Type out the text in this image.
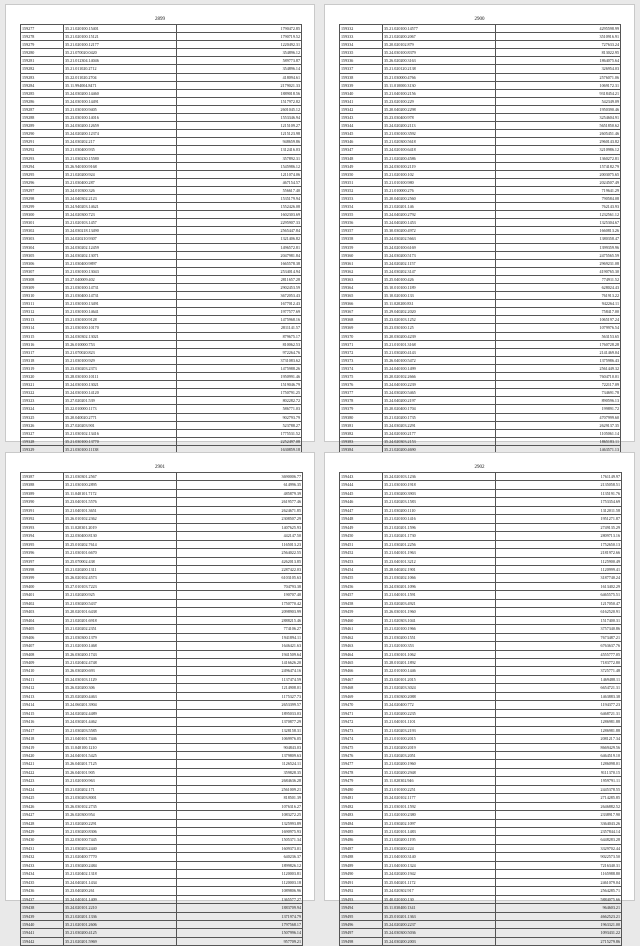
2899
159277	35.21.020100.15401	1790472.85
159278	35.21.020100.15121	1790719.52
159279	35.21.020100.12177	1220492.31
159280	35.21.070020.0420	354896.12
159281	35.21.012304.14046	589773.87
159282	35.21.011020.2712	354896.14
159283	35.22.011020.2704	418094.61
159284	35.11.994004.8471	2179021.33
159285	35.24.030200.14460	1889018.56
159286	35.24.030100.14491	1517972.82
159287	35.21.030100.9405	2601045.12
159288	35.23.030100.14016	1553346.94
159289	35.24.030200.12659	1215109.27
159290	35.24.020200.12374	1215123.98
159291	35.24.030202.217	948659.86
159292	35.21.030400.935	1312416.03
159293	35.21.030230.15580	357892.31
159294	35.26.940100.9168	1545986.12
159295	35.21.020200.924	1211074.06
159296	35.21.030400.287	467154.57
159297	35.24.010300.326	556617.40
159298	35.24.040302.2123	1535179.94
159299	35.24.940203.14621	1552426.08
159300	35.24.020300.723	1602303.69
159301	35.21.020103.1457	2295907.33
159302	35.24.030218.13490	2565447.84
159303	35.24.020210.9307	1321406.82
159304	35.24.030202.12459	1496572.81
159305	35.24.030202.13071	2047981.84
159306	35.21.030400.9897	1665578.38
159307	35.21.030100.13043	2534014.94
159308	35.27.040009.402	2811657.28
159309	35.21.030100.14731	2902453.59
159310	35.21.030400.14731	3672053.43
159311	35.21.030100.13491	1677012.43
159312	35.21.030100.14641	1977577.69
159313	35.21.030100.9128	1475968.16
159314	35.21.030100.10170	2811141.57
159315	35.24.030302.13021	879675.17
159316	35.26.010000.753	810062.53
159317	35.21.070020.823	972264.76
159318	35.21.030100.929	3731083.62
159319	35.23.030203.2373	1475988.26
159320	35.28.030100.10111	1950991.46
159321	35.24.030100.13021	1519046.79
159322	35.24.030100.14120	1750791.25
159323	35.27.020201.539	802282.72
159324	35.22.010000.1173	586771.03
159325	35.20.040020.2771	902793.79
159326	35.27.020203.901	523788.27
159327	35.21.030102.13416	1775531.52
159328	35.21.030100.13770	2252497.08
159329	35.21.030100.11138	1630859.18

2900
159332	35.21.020100.14577	4295598.99
159333	35.21.020200.2067	3510916.91
159334	35.20.020102.879	727633.24
159335	35.24.030100.8379	813022.95
159336	35.26.020200.3163	1864075.64
159337	35.21.020120.2138	326954.03
159338	35.21.030000.4766	2576071.06
159339	35.11.010000.3130	1069172.31
159340	35.21.040100.2156	9318454.21
159341	35.23.020100.229	542349.09
159342	35.20.040200.2298	1950390.46
159343	35.23.030400.978	3254604.91
159344	35.24.020200.2113	5651850.62
159345	35.21.030100.3592	2605451.46
159346	35.21.020300.5618	2960143.82
159347	35.24.020100.6418	3210986.12
159348	35.21.020200.4586	1360272.81
159349	35.24.030100.2119	1574182.79
159350	35.21.020100.102	2003075.65
159351	35.21.010100.980	2024507.49
159352	35.21.010000.276	719641.29
159353	35.20.040200.2560	790584.08
159354	35.21.020201.146	762143.93
159355	35.24.040200.2792	1232561.12
159356	35.24.040200.1453	1325304.67
159357	35.30.030200.4972	1660813.26
159358	35.24.030202.5663	1380358.47
159359	35.24.020100.6169	1399359.96
159360	35.24.030200.5173	2475565.59
159361	35.24.020202.1157	2969231.08
159362	35.24.030202.3147	4190765.30
159363	35.25.040100.426	774911.52
159364	35.10.010100.1189	628024.43
159365	35.10.020100.133	761913.22
159366	35.11.020200.831	942264.11
159367	35.29.040202.2020	758417.00
159368	35.23.020103.1252	1065197.24
159369	35.23.030100.125	1079976.54
159370	35.20.030200.4239	563153.65
159371	35.21.010101.3168	1760728.28
159372	35.21.030200.4143	2141469.04
159373	35.26.040100.5472	1375986.43
159374	35.24.040100.1499	2561449.32
159375	35.20.020102.2666	7604710.01
159376	35.24.040100.2239	722117.09
159377	35.24.030200.5465	734691.78
159378	35.24.040200.2197	890596.13
159379	35.20.020400.1704	199891.72
159380	35.21.020200.1735	4707999.60
159381	35.24.030203.2291	2629137.35
159382	35.24.020100.2177	1105061.14
159383	35.24.020303.2153	1865183.11
159384	35.21.020200.4690	1463571.13

2901
159387	35.21.030301.2567	3690006.77
159388	35.21.030100.2895	614996.35
159389	35.11.040101.7172	485879.39
159390	35.23.040101.5576	2619577.46
159391	35.21.040101.3651	2624671.85
159392	35.26.010102.2362	2308507.29
159393	35.11.020301.2019	1407625.93
159394	35.22.030400.8130	442147.50
159395	35.25.010202.7614	1165013.23
159396	35.21.030101.6670	2564022.55
159397	35.25.070002.438	4262013.85
159398	35.21.020200.1311	2287422.03
159399	35.26.020102.4573	6103105.63
159400	35.27.010103.7223	704793.38
159401	35.21.020200.925	190707.40
159402	35.21.030200.5437	1750770.42
159403	35.20.020101.6438	2098903.99
159404	35.21.020201.6918	2888215.46
159405	35.21.020202.2351	774106.27
159406	35.21.030300.1379	1941894.11
159407	35.21.020100.1468	1646421.63
159408	35.26.030200.1743	1941509.64
159409	35.21.020402.4748	1416626.20
159410	35.26.030200.693	2496474.16
159411	35.24.030103.1129	1137474.59
159412	35.26.020200.306	1214908.01
159413	35.25.020200.4463	1175327.73
159414	35.24.060201.3904	2653399.57
159415	35.24.020202.4489	1895033.03
159416	35.24.030201.4462	1370877.29
159417	35.21.030203.5585	1328158.31
159418	35.21.040101.7446	1069976.05
159419	35.11.040100.1210	904843.03
159420	35.24.040101.5425	1379809.63
159421	35.26.040201.7125	1126524.11
159422	35.26.040101.905	359828.35
159423	35.21.020100.963	2684636.28
159424	35.21.020202.171	2561009.21
159425	35.21.030203.8001	818501.39
159426	35.26.030102.2735	1076316.27
159427	35.26.020300.954	1083272.25
159428	35.21.020200.2291	1325993.89
159429	35.21.030200.8306	1690975.93
159430	35.22.030100.7445	1505371.34
159431	35.21.030203.2440	1609373.01
159432	35.21.020400.7770	640236.37
159433	35.21.030200.2484	1899826.12
159434	35.21.020402.1318	1120003.81
159435	35.24.040201.1434	1120003.18
159436	35.23.040200.261	1089806.96
159437	35.24.040101.1409	1365577.27
159438	35.24.020101.2210	1883709.94
159439	35.21.020201.1336	1371974.79
159440	35.21.020101.2606	1797568.17
159441	35.21.030200.4125	1507996.14
159442	35.21.020201.5969	957709.21
2902
159443	35.24.020103.1236	1761149.97
159444	35.21.030100.1918	2135058.51
159445	35.21.030200.3903	1135191.76
159446	35.21.020203.1583	1753354.69
159447	35.21.030200.1110	1312011.58
159448	35.21.020100.1416	1951271.87
159449	35.21.020201.1596	2749135.29
159450	35.21.020201.1730	2809713.16
159451	35.21.030201.2256	1752650.13
159452	35.21.040101.1963	2181972.66
159453	35.23.040101.3212	1125900.49
159454	35.28.040202.1901	1120999.41
159455	35.21.030202.1066	3187740.24
159456	35.24.030201.1096	1613402.29
159457	35.21.040101.1591	6465575.51
159458	35.23.020203.4921	1217050.47
159459	35.26.030101.1960	6162520.91
159460	35.21.020303.1041	1517400.31
159461	35.21.020100.1966	3757340.86
159462	35.21.030200.1551	7673487.21
159463	35.21.020100.353	6763637.76
159464	35.21.030101.1062	4555777.05
159465	35.28.010201.1892	7183772.80
159466	35.22.010100.1446	3725771.48
159467	35.23.020101.2015	1469488.11
159468	35.21.020203.3024	6654721.31
159469	35.21.030300.2088	1463883.38
159470	35.24.020400.772	1194377.23
159471	35.21.020200.2235	6468721.31
159472	35.21.040101.1101	1286981.88
159473	35.21.020203.2193	1286981.88
159474	35.21.010100.2015	2081217.34
159475	35.21.020200.2019	8669429.56
159476	35.21.020203.2051	6464519.10
159477	35.21.020200.1960	1286098.01
159478	35.21.020200.2948	9111370.15
159479	35.11.020302.946	1959791.11
159480	35.21.010100.2251	2445378.55
159481	35.24.020102.1177	2714285.85
159482	35.21.030101.1592	2646882.52
159483	35.21.020100.2380	2338917.90
159484	35.21.030202.1097	3364043.26
159485	35.21.020101.1483	2357844.14
159486	35.21.020200.1195	6448283.28
159487	35.21.030200.224	3329702.44
159488	35.21.040100.3140	9022573.50
159489	35.21.040100.1324	7216340.31
159490	35.24.020200.1942	1165988.80
159491	35.25.040201.1172	2461079.04
159492	35.24.020302.917	2564285.71
159493	35.40.020100.130	5884075.66
159494	35.11.030400.1341	964603.21
159495	35.25.010201.1363	4662523.21
159496	35.24.020200.2237	1963321.00
159497	35.24.030300.5036	1093431.22
159498	35.24.030200.2003	2715279.86
